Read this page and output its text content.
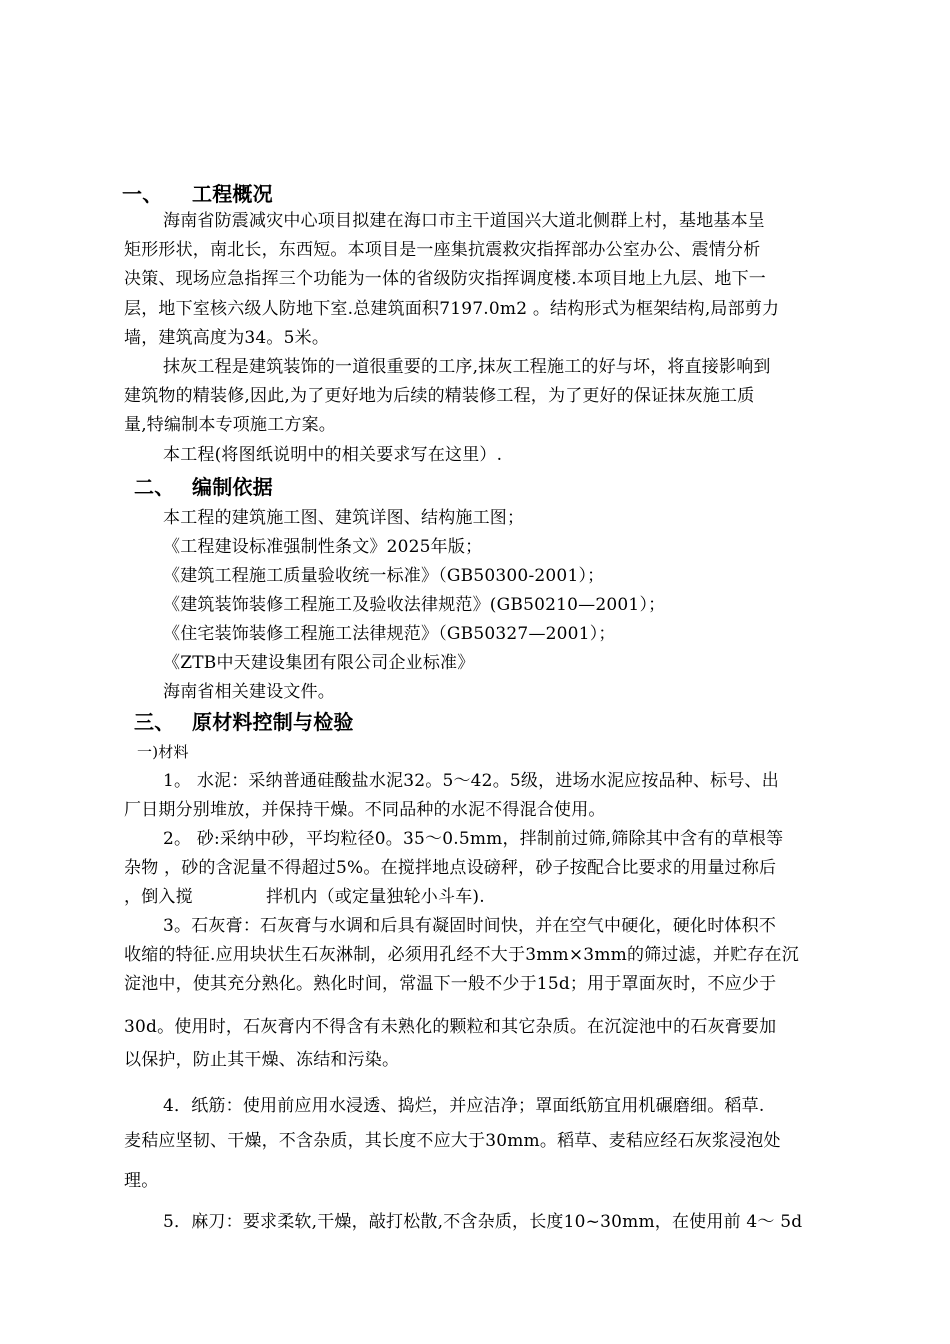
一、 工程概况
海南省防震减灾中心项目拟建在海口市主干道国兴大道北侧群上村，基地基本呈
矩形形状，南北长，东西短。本项目是一座集抗震救灾指挥部办公室办公、震情分析
决策、现场应急指挥三个功能为一体的省级防灾指挥调度楼.本项目地上九层、地下一
层，地下室核六级人防地下室.总建筑面积7197.0m2 。结构形式为框架结构,局部剪力
墙，建筑高度为34。5米。
抹灰工程是建筑装饰的一道很重要的工序,抹灰工程施工的好与坏，将直接影响到
建筑物的精装修,因此,为了更好地为后续的精装修工程，为了更好的保证抹灰施工质
量,特编制本专项施工方案。
本工程(将图纸说明中的相关要求写在这里）.
二、 编制依据
本工程的建筑施工图、建筑详图、结构施工图；
《工程建设标准强制性条文》2025年版；
《建筑工程施工质量验收统一标准》（GB50300-2001）；
《建筑装饰装修工程施工及验收法律规范》(GB50210—2001）；
《住宅装饰装修工程施工法律规范》（GB50327—2001）；
《ZTB中天建设集团有限公司企业标准》
海南省相关建设文件。
三、 原材料控制与检验
一)材料
1。 水泥：采纳普通硅酸盐水泥32。5～42。5级，进场水泥应按品种、标号、出
厂日期分别堆放，并保持干燥。不同品种的水泥不得混合使用。
2。 砂:采纳中砂，平均粒径0。35～0.5mm，拌制前过筛,筛除其中含有的草根等
杂物 ，砂的含泥量不得超过5%。在搅拌地点设磅秤，砂子按配合比要求的用量过称后
，倒入搅	拌机内（或定量独轮小斗车).
3。石灰膏：石灰膏与水调和后具有凝固时间快，并在空气中硬化，硬化时体积不
收缩的特征.应用块状生石灰淋制，必须用孔经不大于3mm×3mm的筛过滤，并贮存在沉
淀池中，使其充分熟化。熟化时间，常温下一般不少于15d；用于罩面灰时，不应少于
30d。使用时，石灰膏内不得含有未熟化的颗粒和其它杂质。在沉淀池中的石灰膏要加
以保护，防止其干燥、冻结和污染。
4．纸筋：使用前应用水浸透、捣烂，并应洁净；罩面纸筋宜用机碾磨细。稻草.
麦秸应坚韧、干燥，不含杂质，其长度不应大于30mm。稻草、麦秸应经石灰浆浸泡处
理。
5．麻刀：要求柔软,干燥，敲打松散,不含杂质，长度10~30mm，在使用前 4～ 5d
